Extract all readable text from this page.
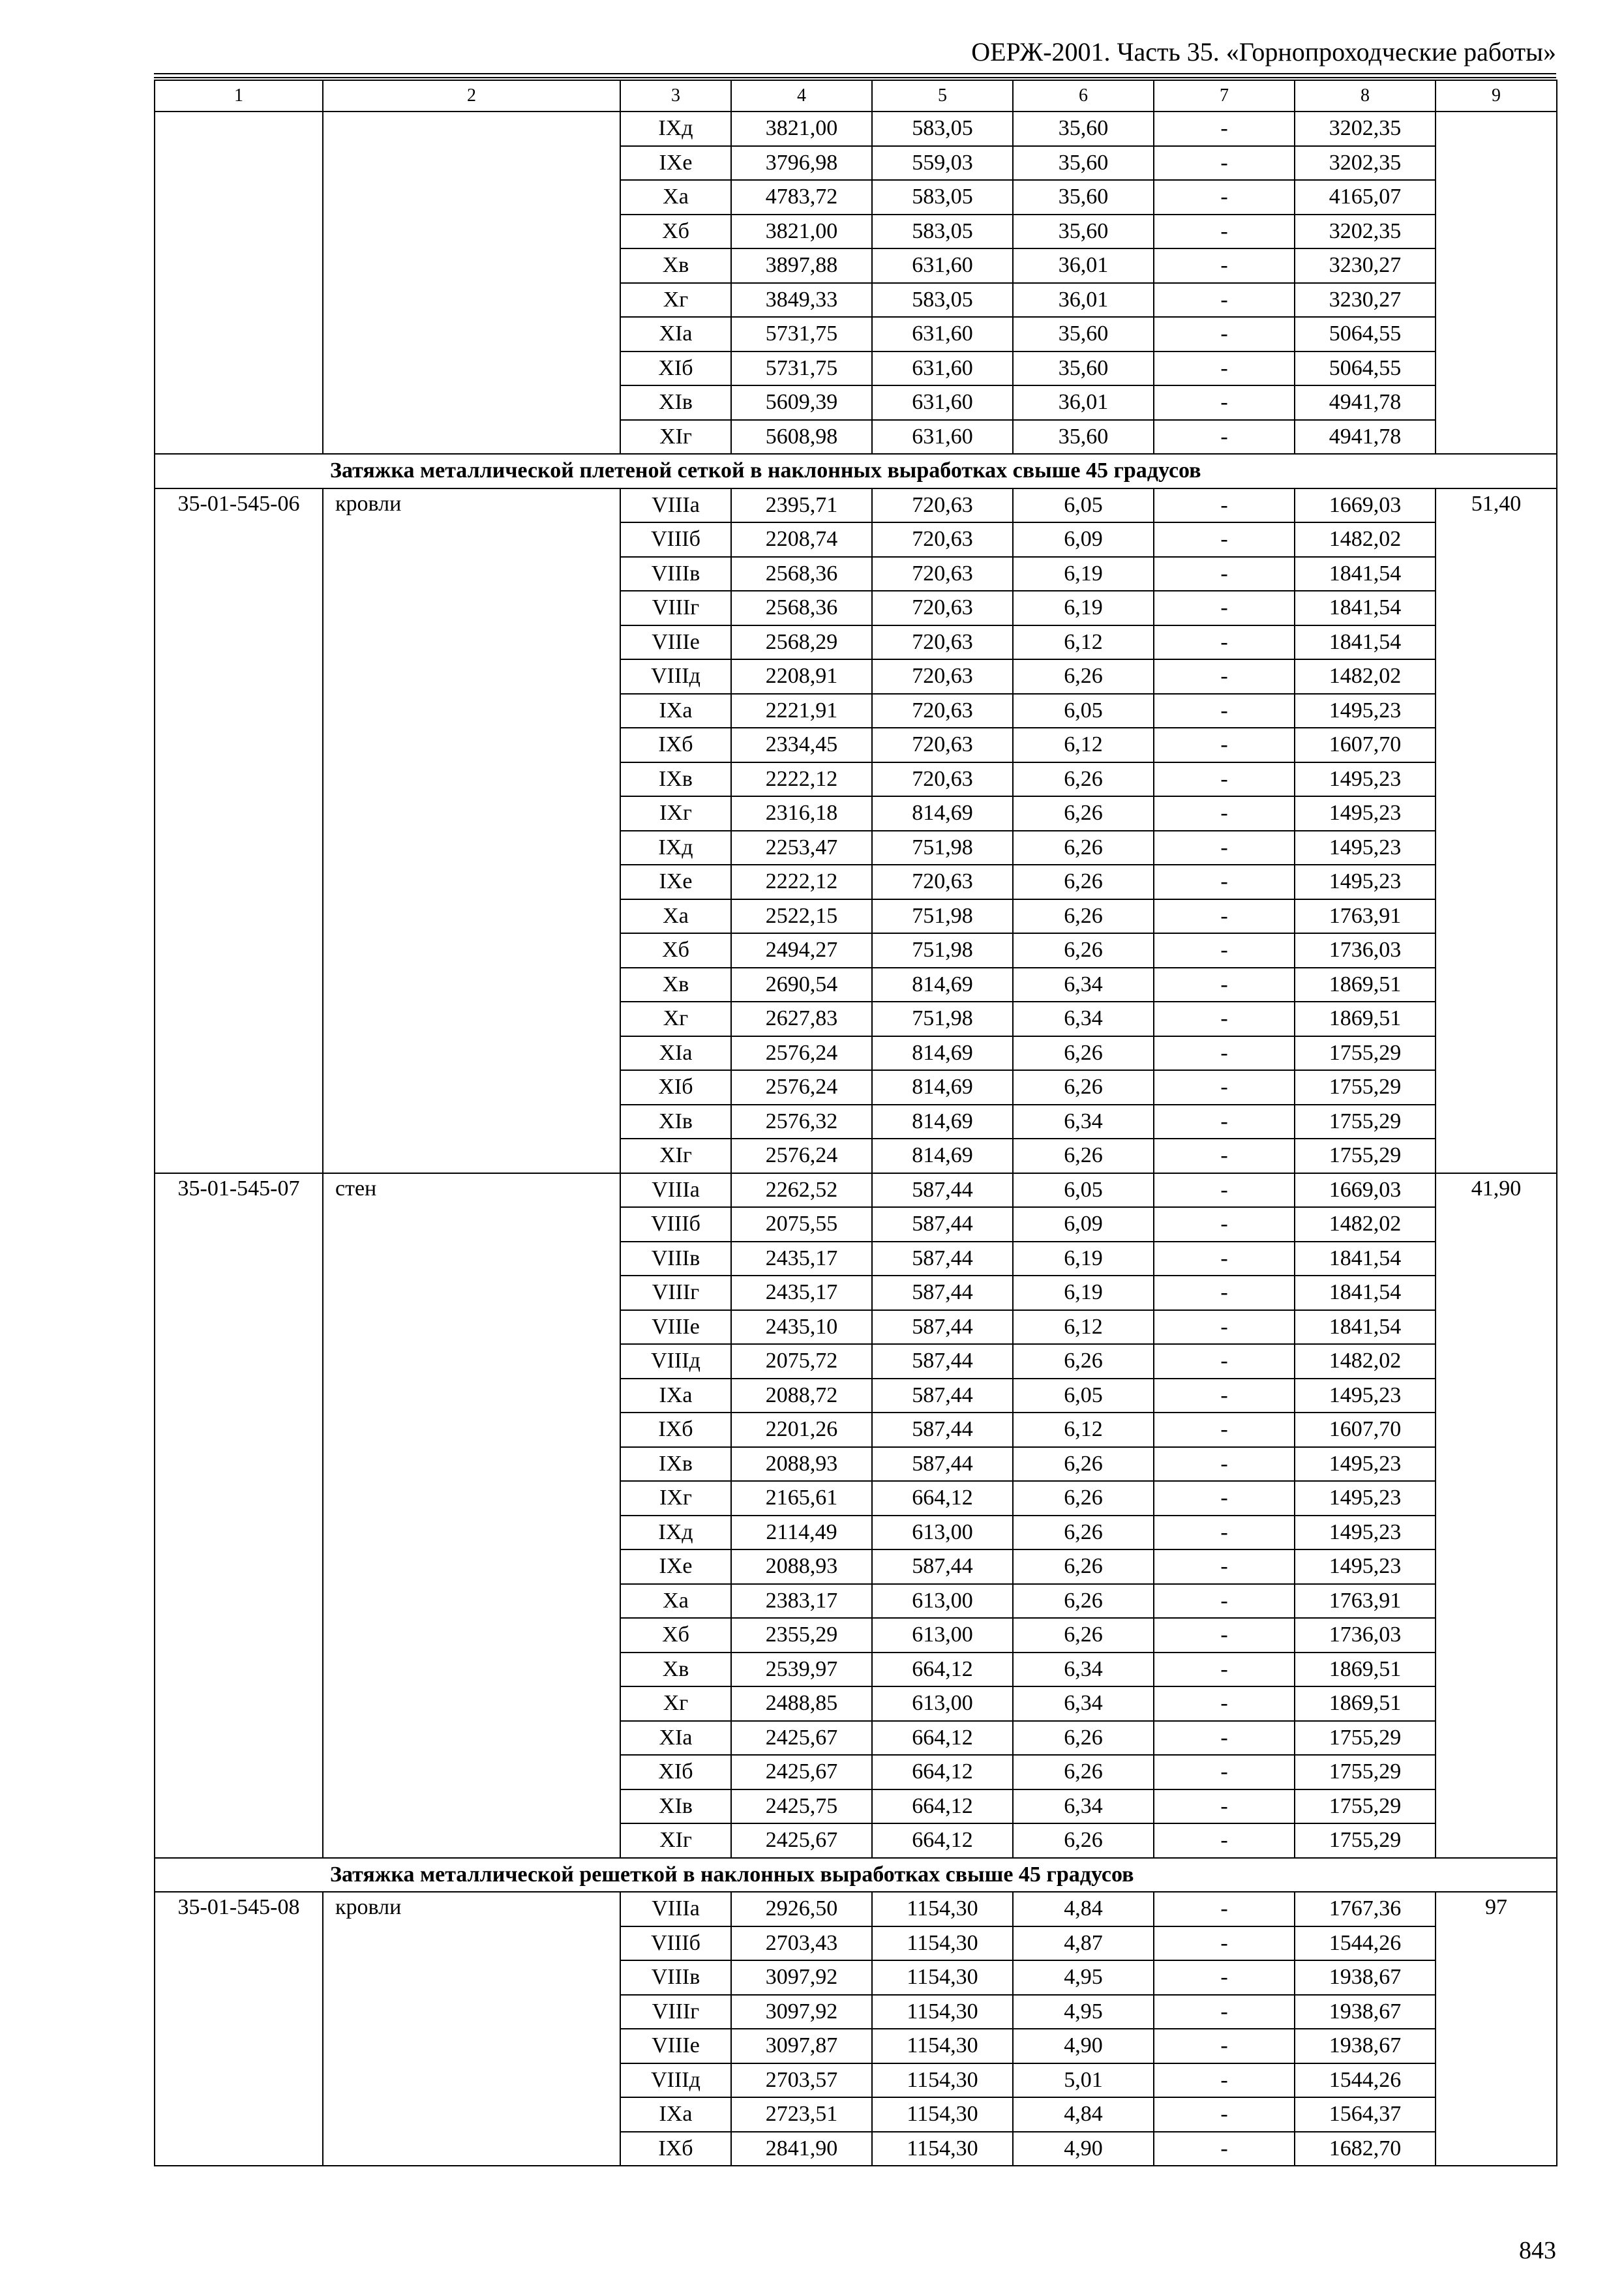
ОЕРЖ-2001. Часть 35. «Горнопроходческие работы»
1	2	3	4	5	6	7	8	9
		IXд	3821,00	583,05	35,60	-	3202,35	
		IXе	3796,98	559,03	35,60	-	3202,35	
		Xа	4783,72	583,05	35,60	-	4165,07	
		Xб	3821,00	583,05	35,60	-	3202,35	
		Xв	3897,88	631,60	36,01	-	3230,27	
		Xг	3849,33	583,05	36,01	-	3230,27	
		XIа	5731,75	631,60	35,60	-	5064,55	
		XIб	5731,75	631,60	35,60	-	5064,55	
		XIв	5609,39	631,60	36,01	-	4941,78	
		XIг	5608,98	631,60	35,60	-	4941,78	
Затяжка металлической плетеной сеткой в наклонных выработках свыше 45 градусов								
35-01-545-06	кровли	VIIIа	2395,71	720,63	6,05	-	1669,03	51,40
		VIIIб	2208,74	720,63	6,09	-	1482,02	
		VIIIв	2568,36	720,63	6,19	-	1841,54	
		VIIIг	2568,36	720,63	6,19	-	1841,54	
		VIIIе	2568,29	720,63	6,12	-	1841,54	
		VIIIд	2208,91	720,63	6,26	-	1482,02	
		IXа	2221,91	720,63	6,05	-	1495,23	
		IXб	2334,45	720,63	6,12	-	1607,70	
		IXв	2222,12	720,63	6,26	-	1495,23	
		IXг	2316,18	814,69	6,26	-	1495,23	
		IXд	2253,47	751,98	6,26	-	1495,23	
		IXе	2222,12	720,63	6,26	-	1495,23	
		Xа	2522,15	751,98	6,26	-	1763,91	
		Xб	2494,27	751,98	6,26	-	1736,03	
		Xв	2690,54	814,69	6,34	-	1869,51	
		Xг	2627,83	751,98	6,34	-	1869,51	
		XIа	2576,24	814,69	6,26	-	1755,29	
		XIб	2576,24	814,69	6,26	-	1755,29	
		XIв	2576,32	814,69	6,34	-	1755,29	
		XIг	2576,24	814,69	6,26	-	1755,29	
35-01-545-07	стен	VIIIа	2262,52	587,44	6,05	-	1669,03	41,90
		VIIIб	2075,55	587,44	6,09	-	1482,02	
		VIIIв	2435,17	587,44	6,19	-	1841,54	
		VIIIг	2435,17	587,44	6,19	-	1841,54	
		VIIIе	2435,10	587,44	6,12	-	1841,54	
		VIIIд	2075,72	587,44	6,26	-	1482,02	
		IXа	2088,72	587,44	6,05	-	1495,23	
		IXб	2201,26	587,44	6,12	-	1607,70	
		IXв	2088,93	587,44	6,26	-	1495,23	
		IXг	2165,61	664,12	6,26	-	1495,23	
		IXд	2114,49	613,00	6,26	-	1495,23	
		IXе	2088,93	587,44	6,26	-	1495,23	
		Xа	2383,17	613,00	6,26	-	1763,91	
		Xб	2355,29	613,00	6,26	-	1736,03	
		Xв	2539,97	664,12	6,34	-	1869,51	
		Xг	2488,85	613,00	6,34	-	1869,51	
		XIа	2425,67	664,12	6,26	-	1755,29	
		XIб	2425,67	664,12	6,26	-	1755,29	
		XIв	2425,75	664,12	6,34	-	1755,29	
		XIг	2425,67	664,12	6,26	-	1755,29	
Затяжка металлической решеткой в наклонных выработках свыше 45 градусов								
35-01-545-08	кровли	VIIIа	2926,50	1154,30	4,84	-	1767,36	97
		VIIIб	2703,43	1154,30	4,87	-	1544,26	
		VIIIв	3097,92	1154,30	4,95	-	1938,67	
		VIIIг	3097,92	1154,30	4,95	-	1938,67	
		VIIIе	3097,87	1154,30	4,90	-	1938,67	
		VIIIд	2703,57	1154,30	5,01	-	1544,26	
		IXа	2723,51	1154,30	4,84	-	1564,37	
		IXб	2841,90	1154,30	4,90	-	1682,70	
843
